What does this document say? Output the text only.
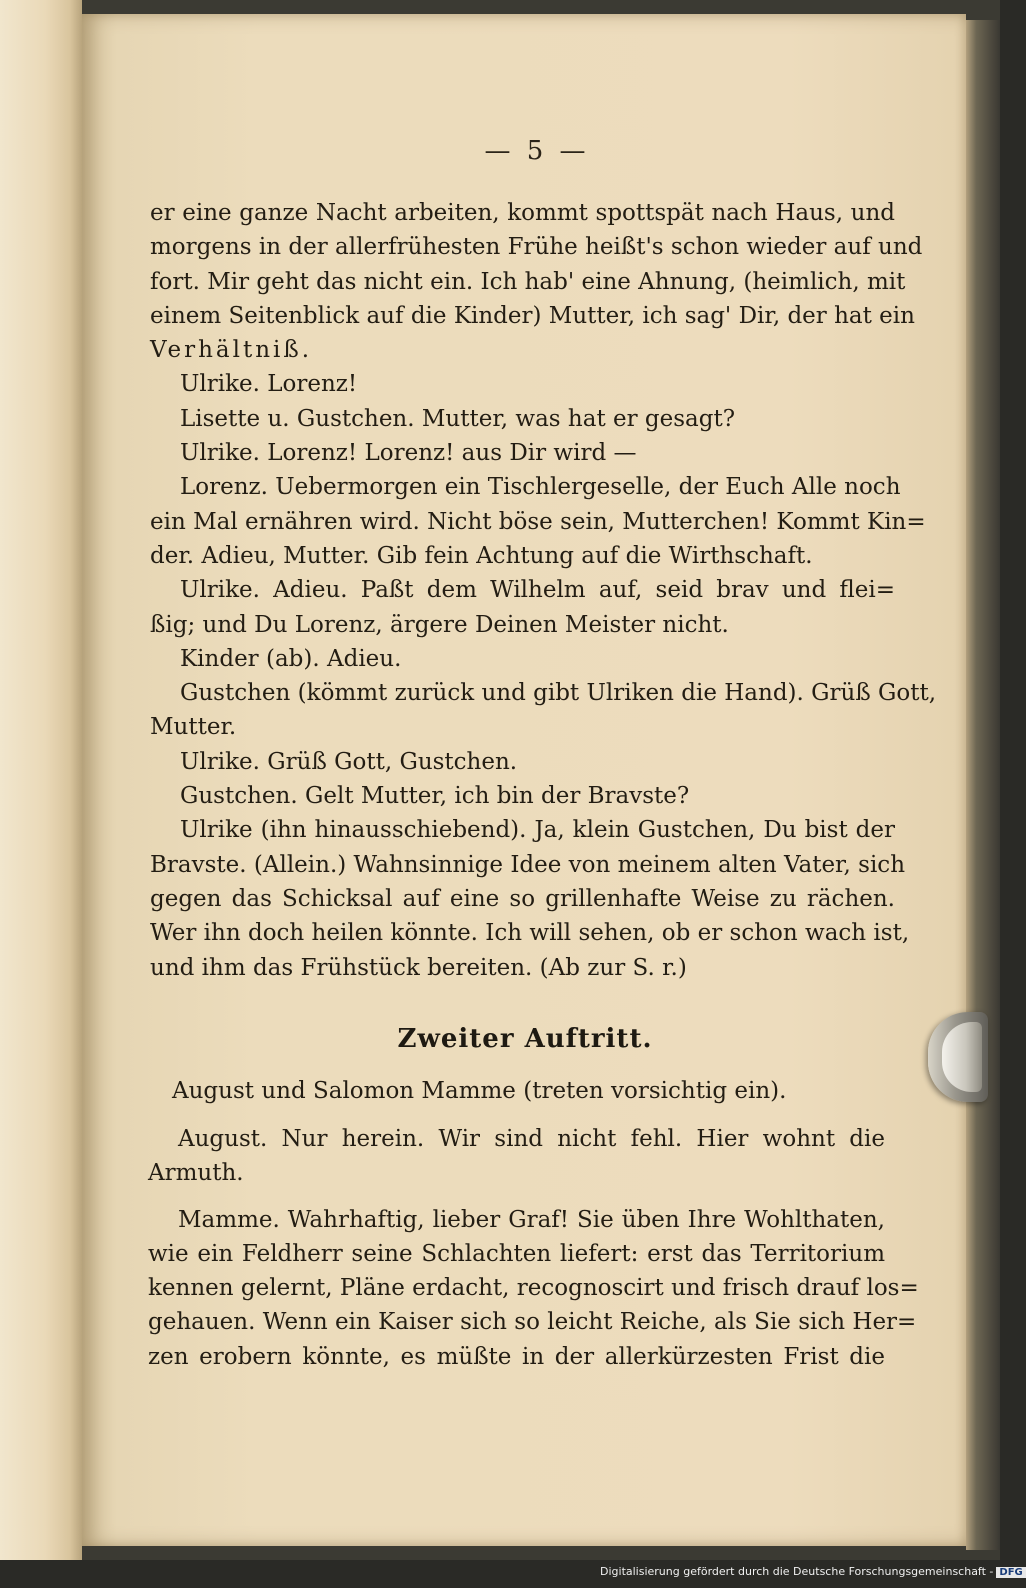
— 5 —
er eine ganze Nacht arbeiten, kommt spottspät nach Haus, und
morgens in der allerfrühesten Frühe heißt's schon wieder auf und
fort. Mir geht das nicht ein. Ich hab' eine Ahnung, (heimlich, mit
einem Seitenblick auf die Kinder) Mutter, ich sag' Dir, der hat ein
Verhältniß.
Ulrike. Lorenz!
Lisette u. Gustchen. Mutter, was hat er gesagt?
Ulrike. Lorenz! Lorenz! aus Dir wird —
Lorenz. Uebermorgen ein Tischlergeselle, der Euch Alle noch
ein Mal ernähren wird. Nicht böse sein, Mutterchen! Kommt Kin=
der. Adieu, Mutter. Gib fein Achtung auf die Wirthschaft.
Ulrike. Adieu. Paßt dem Wilhelm auf, seid brav und flei=
ßig; und Du Lorenz, ärgere Deinen Meister nicht.
Kinder (ab). Adieu.
Gustchen (kömmt zurück und gibt Ulriken die Hand). Grüß Gott,
Mutter.
Ulrike. Grüß Gott, Gustchen.
Gustchen. Gelt Mutter, ich bin der Bravste?
Ulrike (ihn hinausschiebend). Ja, klein Gustchen, Du bist der
Bravste. (Allein.) Wahnsinnige Idee von meinem alten Vater, sich
gegen das Schicksal auf eine so grillenhafte Weise zu rächen.
Wer ihn doch heilen könnte. Ich will sehen, ob er schon wach ist,
und ihm das Frühstück bereiten. (Ab zur S. r.)
Zweiter Auftritt.
August und Salomon Mamme (treten vorsichtig ein).
August. Nur herein. Wir sind nicht fehl. Hier wohnt die
Armuth.
Mamme. Wahrhaftig, lieber Graf! Sie üben Ihre Wohlthaten,
wie ein Feldherr seine Schlachten liefert: erst das Territorium
kennen gelernt, Pläne erdacht, recognoscirt und frisch drauf los=
gehauen. Wenn ein Kaiser sich so leicht Reiche, als Sie sich Her=
zen erobern könnte, es müßte in der allerkürzesten Frist die
Digitalisierung gefördert durch die Deutsche Forschungsgemeinschaft - DFG
